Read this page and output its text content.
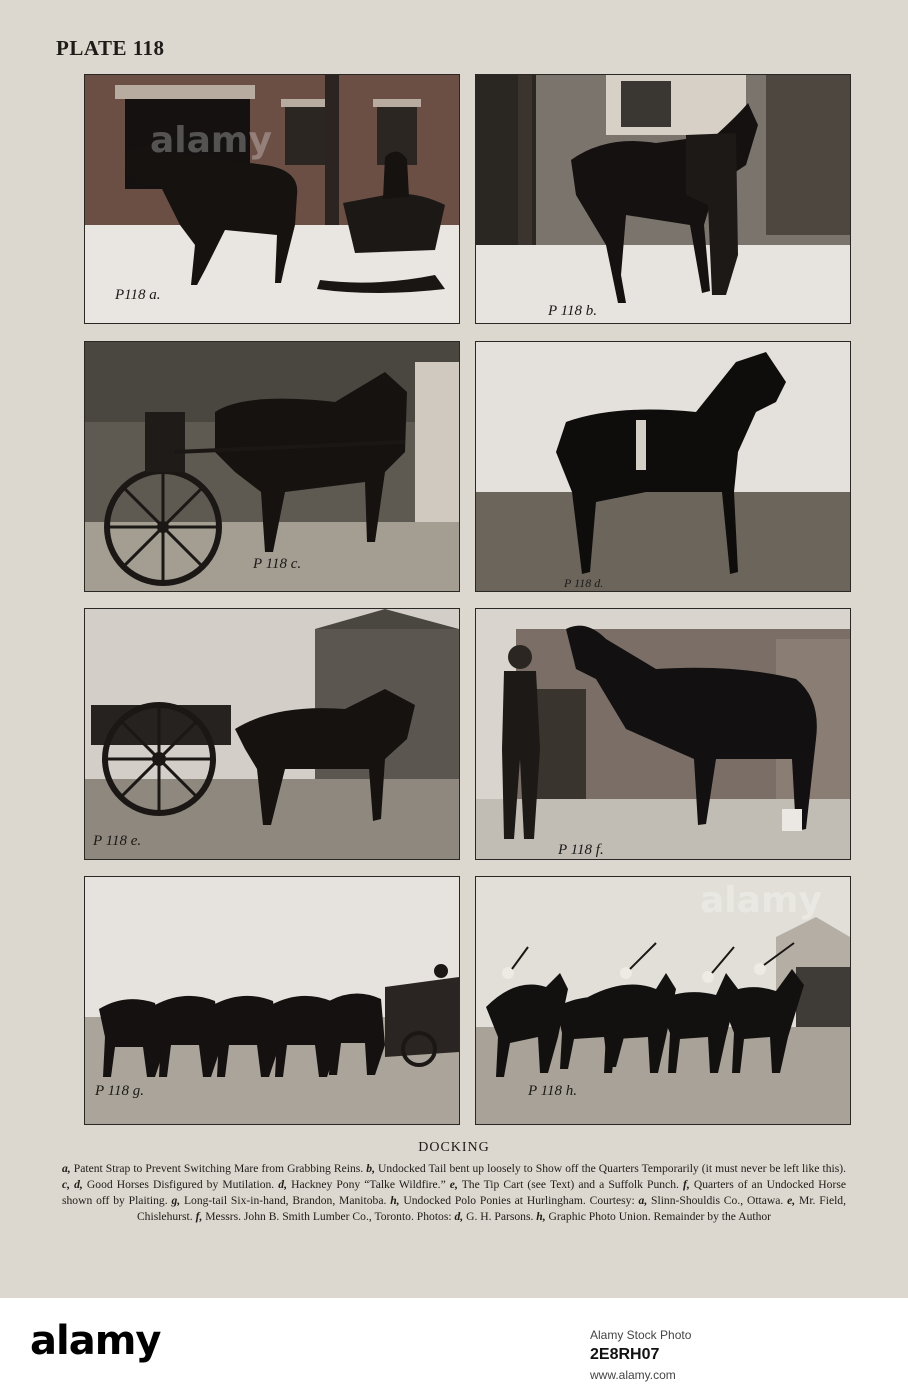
PLATE 118
P118 a.
P 118 b.
P 118 c.
P 118 d.
P 118 e.
P 118 f.
P 118 g.	P 118 h.
DOCKING
a, Patent Strap to Prevent Switching Mare from Grabbing Reins. b, Undocked Tail bent up loosely to Show off the Quarters Temporarily (it must never be left like this). c, d, Good Horses Disfigured by Mutilation. d, Hackney Pony “Talke Wildfire.” e, The Tip Cart (see Text) and a Suffolk Punch. f, Quarters of an Undocked Horse shown off by Plaiting. g, Long-tail Six-in-hand, Brandon, Manitoba. h, Undocked Polo Ponies at Hurlingham. Courtesy: a, Slinn-Shouldis Co., Ottawa. e, Mr. Field, Chislehurst. f, Messrs. John B. Smith Lumber Co., Toronto. Photos: d, G. H. Parsons. h, Graphic Photo Union. Remainder by the Author
alamy
alamy
alamy	Alamy Stock Photo
2E8RH07
www.alamy.com
